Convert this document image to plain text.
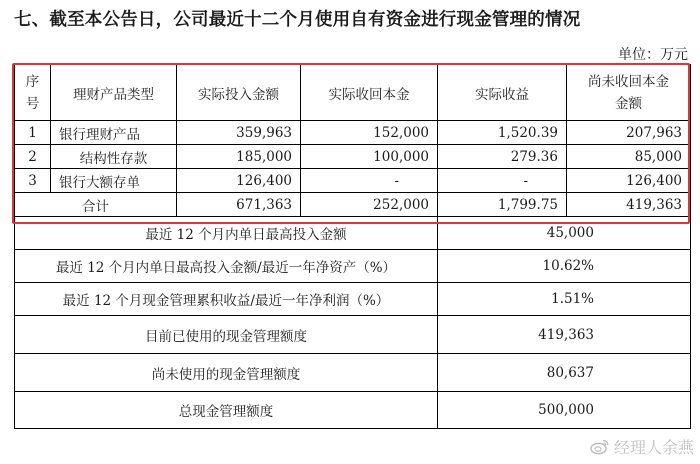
七、截至本公告日，公司最近十二个月使用自有资金进行现金管理的情况
单位：万元
序号	理财产品类型	实际投入金额	实际收回本金	实际收益	尚未收回本金金额

1	银行理财产品	359,963	152,000	1,520.39	207,963
2	结构性存款	185,000	100,000	279.36	85,000
3	银行大额存单	126,400	-	-	126,400
合计		671,363	252,000	1,799.75	419,363
最近 12 个月内单日最高投入金额				45,000	
最近 12 个月内单日最高投入金额/最近一年净资产（%）				10.62%	
最近 12 个月现金管理累积收益/最近一年净利润（%）				1.51%	
目前已使用的现金管理额度				419,363	
尚未使用的现金管理额度				80,637	
总现金管理额度				500,000	
经理人余燕
